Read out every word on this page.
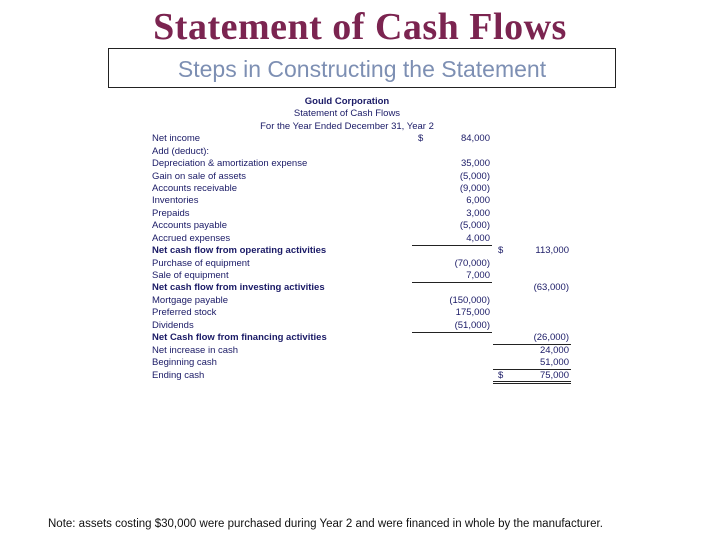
Statement of Cash Flows
Steps in Constructing the Statement
Gould Corporation
Statement of Cash Flows
For the Year Ended December 31, Year 2
Net income	$	84,000
Add (deduct):
Depreciation & amortization expense	35,000
Gain on sale of assets	(5,000)
Accounts receivable	(9,000)
Inventories	6,000
Prepaids	3,000
Accounts payable	(5,000)
Accrued expenses	4,000
Net cash flow from operating activities	$	113,000
Purchase of equipment	(70,000)
Sale of equipment	7,000
Net cash flow from investing activities	(63,000)
Mortgage payable	(150,000)
Preferred stock	175,000
Dividends	(51,000)
Net Cash flow from financing activities	(26,000)
Net increase in cash	24,000
Beginning cash	51,000
Ending cash	$	75,000
Note: assets costing $30,000 were purchased during Year 2 and were financed in whole by the manufacturer.
